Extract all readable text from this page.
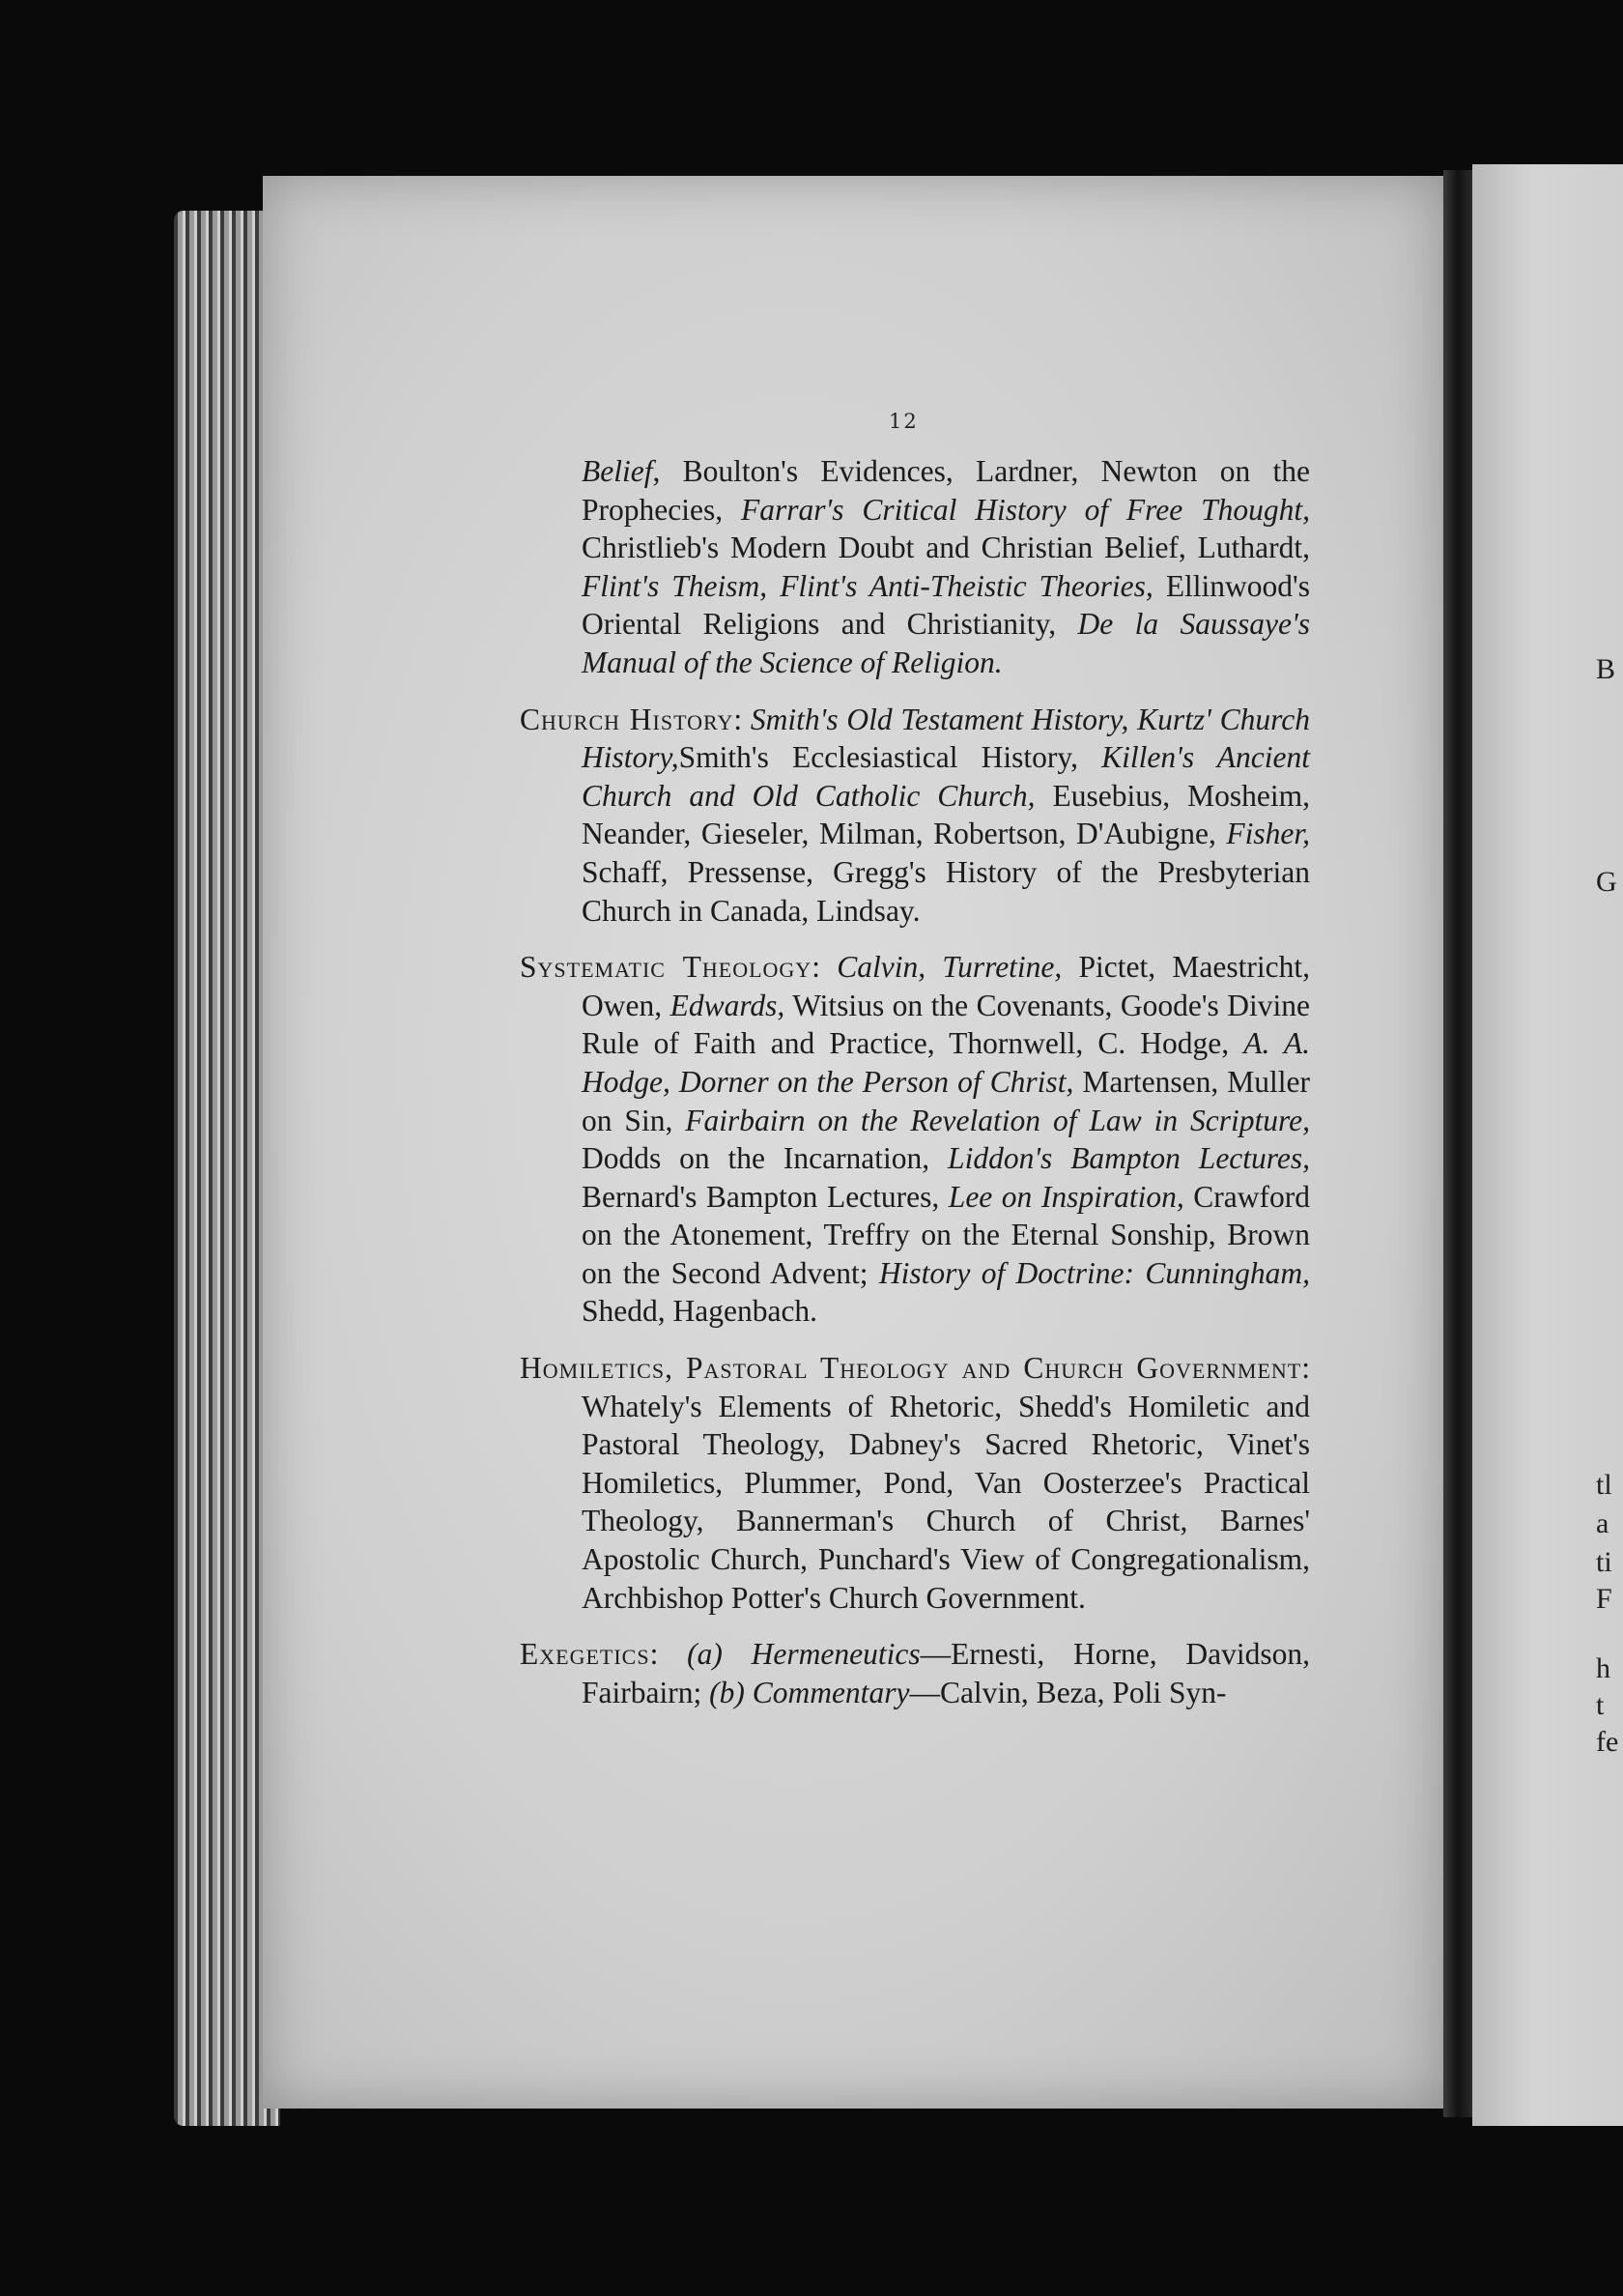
B
G
tl
a
ti
F
h
t
fe
12

Belief, Boulton's Evidences, Lardner, Newton on the Prophecies, Farrar's Critical History of Free Thought, Christlieb's Modern Doubt and Christian Belief, Luthardt, Flint's Theism, Flint's Anti-Theistic Theories, Ellinwood's Oriental Religions and Christianity, De la Saussaye's Manual of the Science of Religion.

Church History: Smith's Old Testament History, Kurtz' Church History,Smith's Ecclesiastical History, Killen's Ancient Church and Old Catholic Church, Eusebius, Mosheim, Neander, Gieseler, Milman, Robertson, D'Aubigne, Fisher, Schaff, Pressense, Gregg's History of the Presbyterian Church in Canada, Lindsay.

Systematic Theology: Calvin, Turretine, Pictet, Maestricht, Owen, Edwards, Witsius on the Covenants, Goode's Divine Rule of Faith and Practice, Thornwell, C. Hodge, A. A. Hodge, Dorner on the Person of Christ, Martensen, Muller on Sin, Fairbairn on the Revelation of Law in Scripture, Dodds on the Incarnation, Liddon's Bampton Lectures, Bernard's Bampton Lectures, Lee on Inspiration, Crawford on the Atonement, Treffry on the Eternal Sonship, Brown on the Second Advent; History of Doctrine: Cunningham, Shedd, Hagenbach.

Homiletics, Pastoral Theology and Church Government: Whately's Elements of Rhetoric, Shedd's Homiletic and Pastoral Theology, Dabney's Sacred Rhetoric, Vinet's Homiletics, Plummer, Pond, Van Oosterzee's Practical Theology, Bannerman's Church of Christ, Barnes' Apostolic Church, Punchard's View of Congregationalism, Archbishop Potter's Church Government.

Exegetics: (a) Hermeneutics—Ernesti, Horne, Davidson, Fairbairn; (b) Commentary—Calvin, Beza, Poli Syn-
